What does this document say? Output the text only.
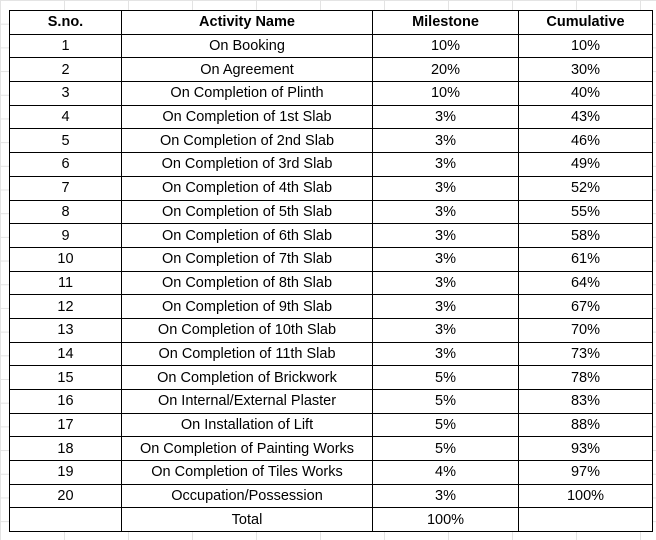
S.no.	Activity Name	Milestone	Cumulative
1	On Booking	10%	10%
2	On Agreement	20%	30%
3	On Completion of Plinth	10%	40%
4	On Completion of 1st Slab	3%	43%
5	On Completion of 2nd Slab	3%	46%
6	On Completion of 3rd Slab	3%	49%
7	On Completion of 4th Slab	3%	52%
8	On Completion of 5th Slab	3%	55%
9	On Completion of 6th Slab	3%	58%
10	On Completion of 7th Slab	3%	61%
11	On Completion of 8th Slab	3%	64%
12	On Completion of 9th Slab	3%	67%
13	On Completion of 10th Slab	3%	70%
14	On Completion of 11th Slab	3%	73%
15	On Completion of Brickwork	5%	78%
16	On Internal/External Plaster	5%	83%
17	On Installation of Lift	5%	88%
18	On Completion of Painting Works	5%	93%
19	On Completion of Tiles Works	4%	97%
20	Occupation/Possession	3%	100%
	Total	100%	
